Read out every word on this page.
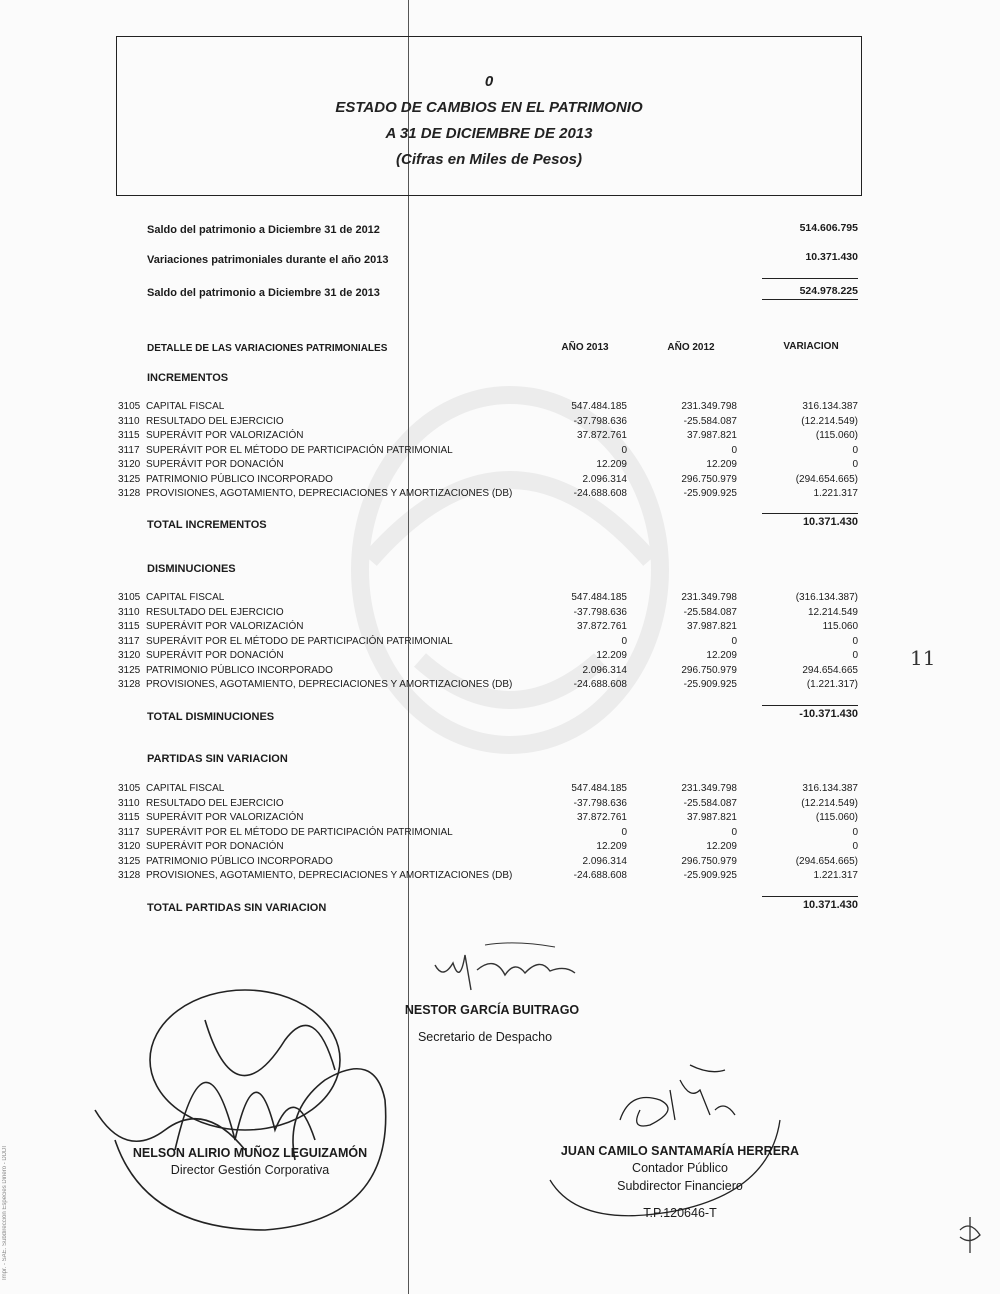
0
ESTADO DE CAMBIOS EN EL PATRIMONIO
A 31 DE DICIEMBRE DE 2013
(Cifras en Miles de Pesos)
Saldo del patrimonio a Diciembre 31 de 2012	514.606.795
Variaciones patrimoniales durante el año 2013	10.371.430
Saldo del patrimonio a Diciembre 31 de 2013	524.978.225
DETALLE DE LAS VARIACIONES PATRIMONIALES	AÑO 2013	AÑO 2012	VARIACION
INCREMENTOS
3105 CAPITAL FISCAL	547.484.185	231.349.798	316.134.387
3110 RESULTADO DEL EJERCICIO	-37.798.636	-25.584.087	(12.214.549)
3115 SUPERÁVIT POR VALORIZACIÓN	37.872.761	37.987.821	(115.060)
3117 SUPERÁVIT POR EL MÉTODO DE PARTICIPACIÓN PATRIMONIAL	0	0	0
3120 SUPERÁVIT POR DONACIÓN	12.209	12.209	0
3125 PATRIMONIO PÚBLICO INCORPORADO	2.096.314	296.750.979	(294.654.665)
3128 PROVISIONES, AGOTAMIENTO, DEPRECIACIONES Y AMORTIZACIONES (DB)	-24.688.608	-25.909.925	1.221.317
TOTAL INCREMENTOS	10.371.430
DISMINUCIONES
3105 CAPITAL FISCAL	547.484.185	231.349.798	(316.134.387)
3110 RESULTADO DEL EJERCICIO	-37.798.636	-25.584.087	12.214.549
3115 SUPERÁVIT POR VALORIZACIÓN	37.872.761	37.987.821	115.060
3117 SUPERÁVIT POR EL MÉTODO DE PARTICIPACIÓN PATRIMONIAL	0	0	0
3120 SUPERÁVIT POR DONACIÓN	12.209	12.209	0
3125 PATRIMONIO PÚBLICO INCORPORADO	2.096.314	296.750.979	294.654.665
3128 PROVISIONES, AGOTAMIENTO, DEPRECIACIONES Y AMORTIZACIONES (DB)	-24.688.608	-25.909.925	(1.221.317)
TOTAL DISMINUCIONES	-10.371.430
PARTIDAS SIN VARIACION
3105 CAPITAL FISCAL	547.484.185	231.349.798	316.134.387
3110 RESULTADO DEL EJERCICIO	-37.798.636	-25.584.087	(12.214.549)
3115 SUPERÁVIT POR VALORIZACIÓN	37.872.761	37.987.821	(115.060)
3117 SUPERÁVIT POR EL MÉTODO DE PARTICIPACIÓN PATRIMONIAL	0	0	0
3120 SUPERÁVIT POR DONACIÓN	12.209	12.209	0
3125 PATRIMONIO PÚBLICO INCORPORADO	2.096.314	296.750.979	(294.654.665)
3128 PROVISIONES, AGOTAMIENTO, DEPRECIACIONES Y AMORTIZACIONES (DB)	-24.688.608	-25.909.925	1.221.317
TOTAL PARTIDAS SIN VARIACION	10.371.430
11
NESTOR GARCÍA BUITRAGO
Secretario de Despacho
NELSON ALIRIO MUÑOZ LEGUIZAMÓN
Director Gestión Corporativa
JUAN CAMILO SANTAMARÍA HERRERA
Contador Público
Subdirector Financiero
T.P.120646-T
Impr. - SAE. Subdirección Especies Dinero - DDDI
